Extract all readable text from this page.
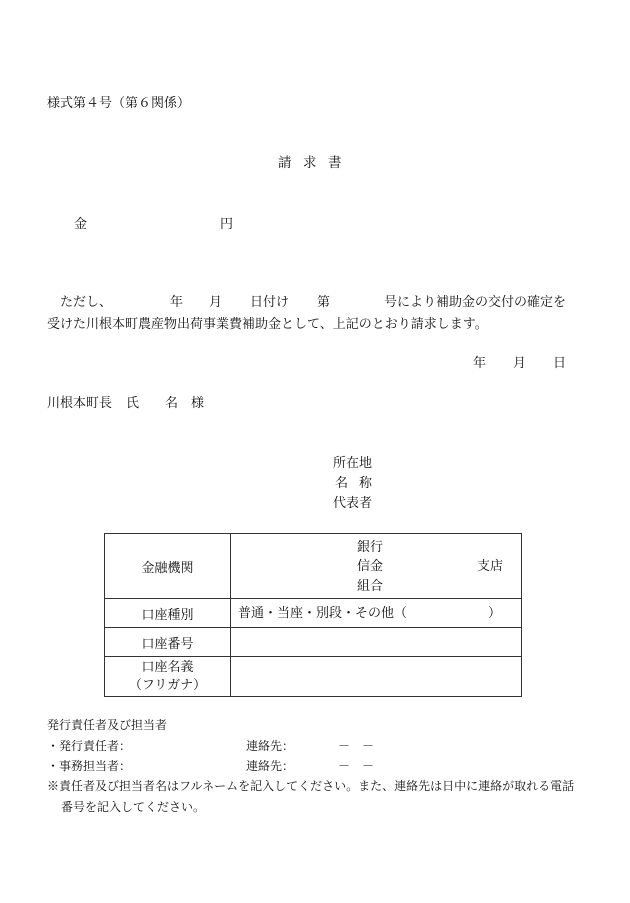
様式第４号（第６関係）
請 求 書
金	円
ただし、	年 月 日付け 第	号により補助金の交付の確定を
受けた川根本町農産物出荷事業費補助金として、上記のとおり請求します。
年 月 日
川根本町長 氏 名 様
所在地
名 称
代表者
金融機関	銀行
信金
組合
支店

口座種別	普通・当座・別段・その他（ ）

口座番号	

口座名義
（フリガナ）	

発行責任者及び担当者
・発行責任者：	連絡先：	－　－
・事務担当者：	連絡先：	－　－
※責任者及び担当者名はフルネームを記入してください。また、連絡先は日中に連絡が取れる電話
番号を記入してください。
